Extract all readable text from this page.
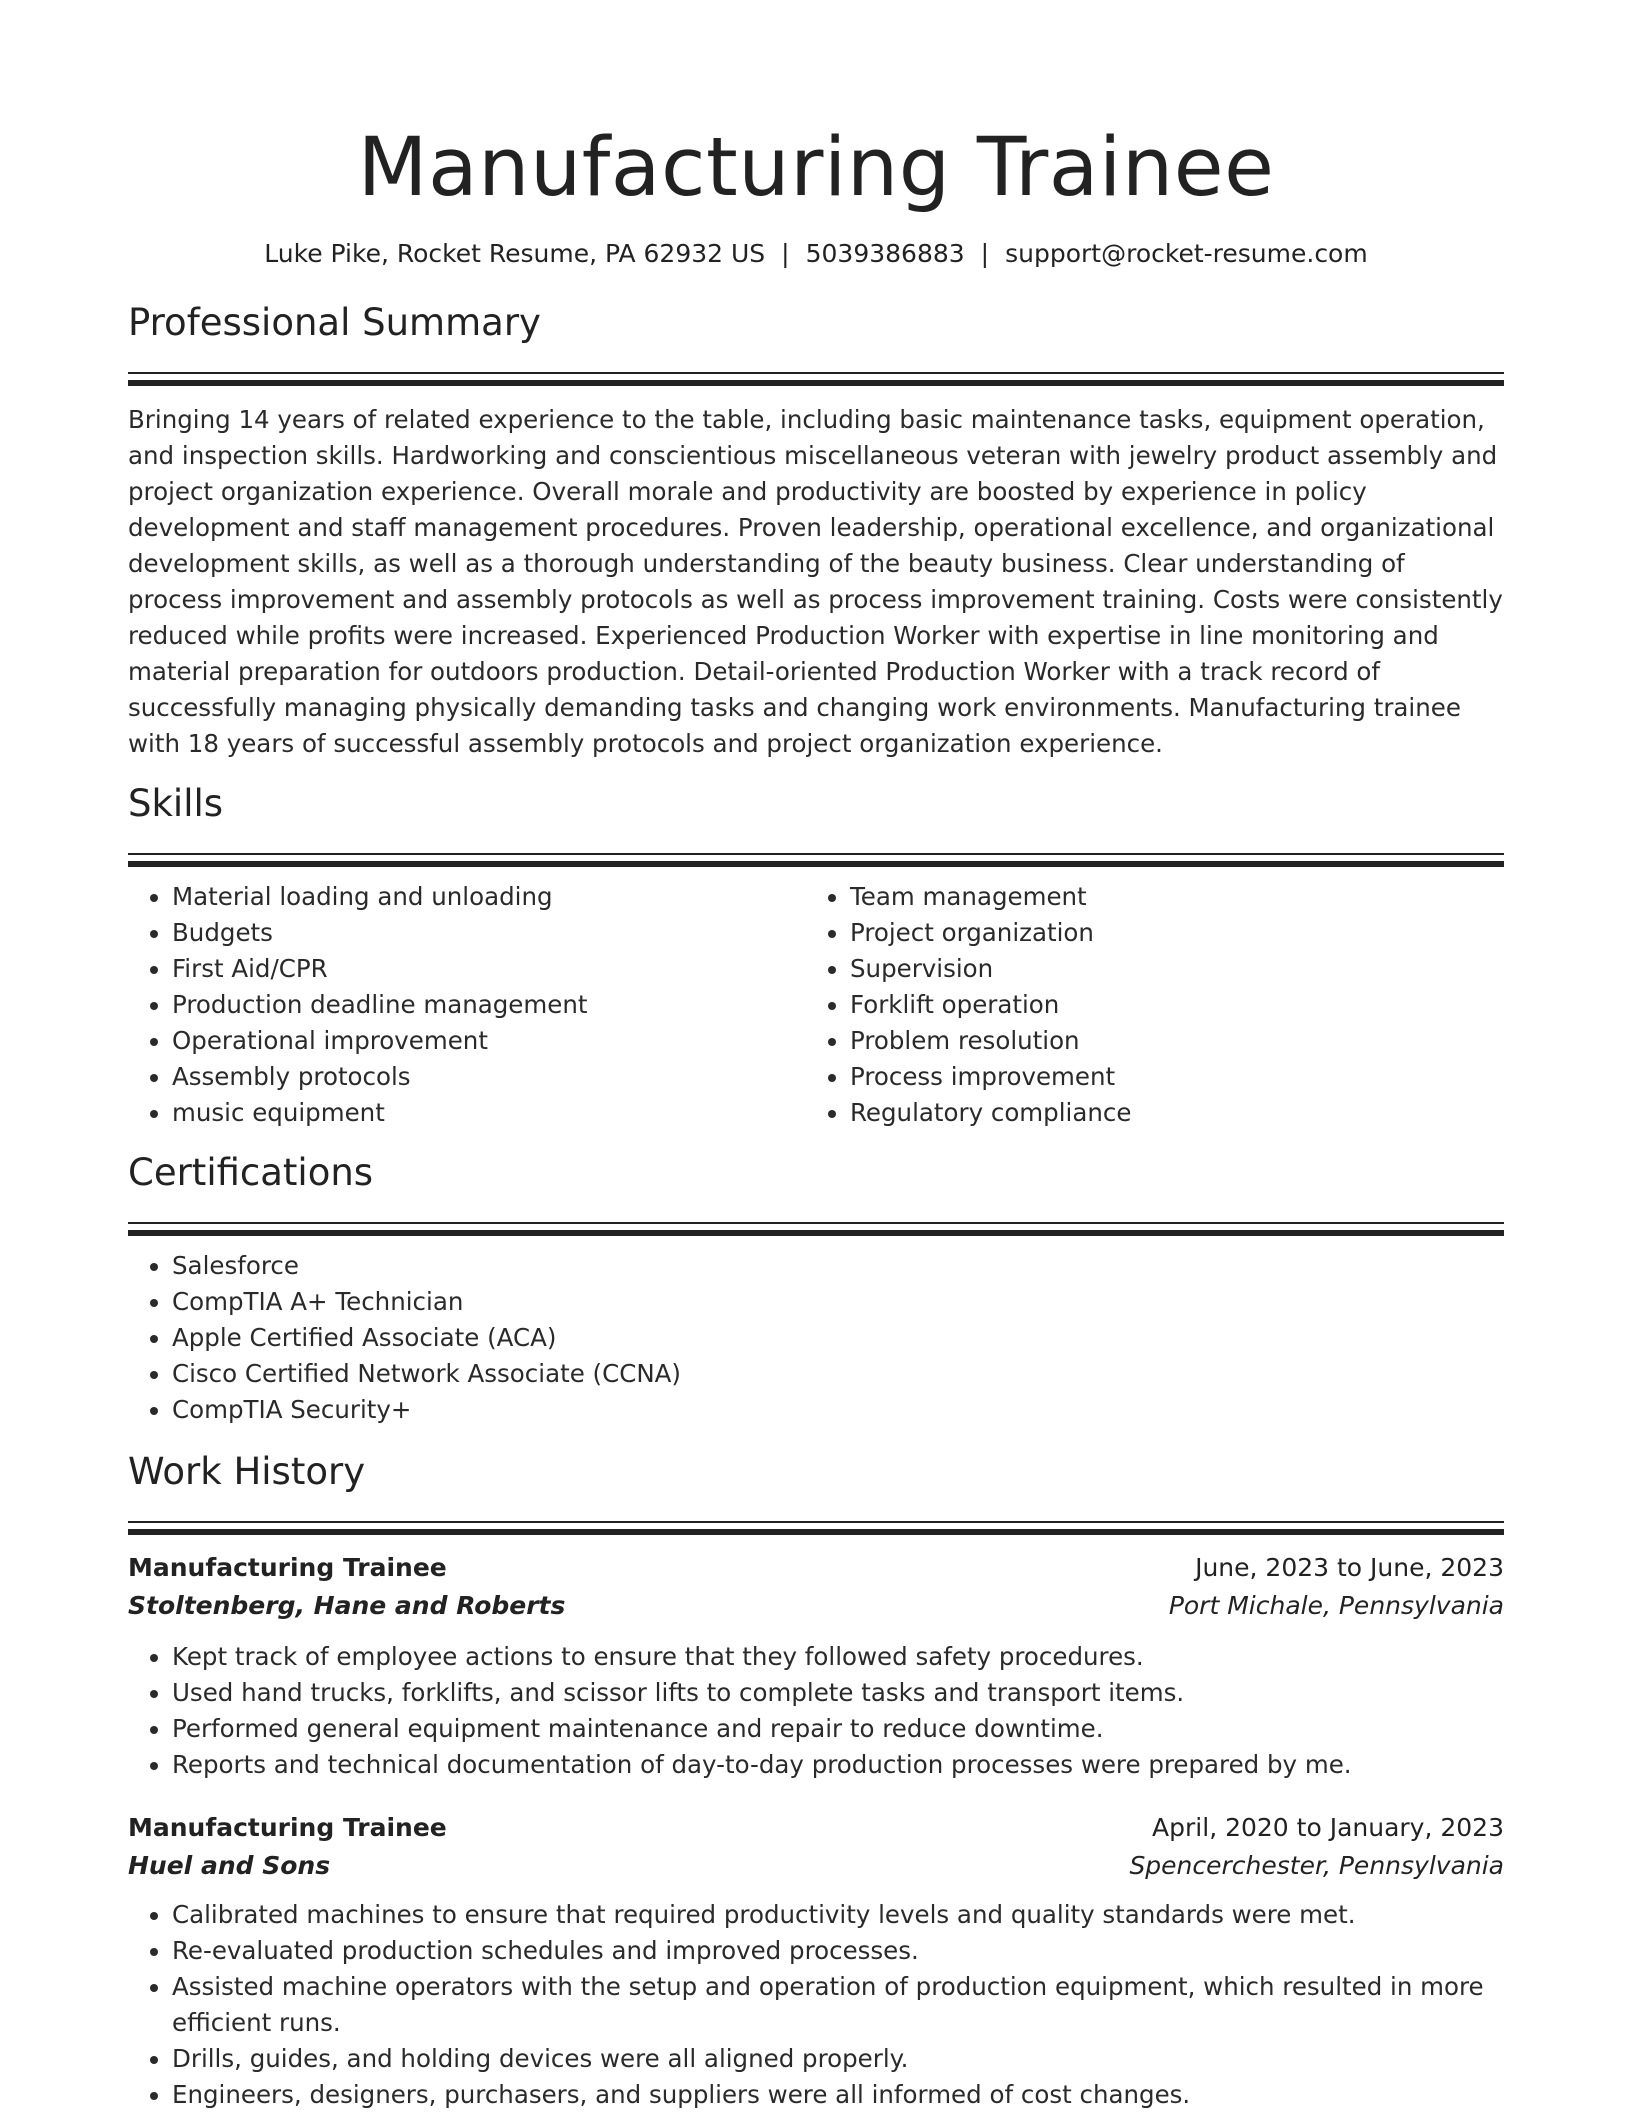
Manufacturing Trainee
Luke Pike, Rocket Resume, PA 62932 US | 5039386883 | support@rocket-resume.com
Professional Summary
Bringing 14 years of related experience to the table, including basic maintenance tasks, equipment operation, and inspection skills. Hardworking and conscientious miscellaneous veteran with jewelry product assembly and project organization experience. Overall morale and productivity are boosted by experience in policy development and staff management procedures. Proven leadership, operational excellence, and organizational development skills, as well as a thorough understanding of the beauty business. Clear understanding of process improvement and assembly protocols as well as process improvement training. Costs were consistently reduced while profits were increased. Experienced Production Worker with expertise in line monitoring and material preparation for outdoors production. Detail-oriented Production Worker with a track record of successfully managing physically demanding tasks and changing work environments. Manufacturing trainee with 18 years of successful assembly protocols and project organization experience.
Skills
• Material loading and unloading
• Budgets
• First Aid/CPR
• Production deadline management
• Operational improvement
• Assembly protocols
• music equipment
• Team management
• Project organization
• Supervision
• Forklift operation
• Problem resolution
• Process improvement
• Regulatory compliance
Certifications
• Salesforce
• CompTIA A+ Technician
• Apple Certified Associate (ACA)
• Cisco Certified Network Associate (CCNA)
• CompTIA Security+
Work History
Manufacturing Trainee	June, 2023 to June, 2023
Stoltenberg, Hane and Roberts	Port Michale, Pennsylvania
• Kept track of employee actions to ensure that they followed safety procedures.
• Used hand trucks, forklifts, and scissor lifts to complete tasks and transport items.
• Performed general equipment maintenance and repair to reduce downtime.
• Reports and technical documentation of day-to-day production processes were prepared by me.
Manufacturing Trainee	April, 2020 to January, 2023
Huel and Sons	Spencerchester, Pennsylvania
• Calibrated machines to ensure that required productivity levels and quality standards were met.
• Re-evaluated production schedules and improved processes.
• Assisted machine operators with the setup and operation of production equipment, which resulted in more efficient runs.
• Drills, guides, and holding devices were all aligned properly.
• Engineers, designers, purchasers, and suppliers were all informed of cost changes.
